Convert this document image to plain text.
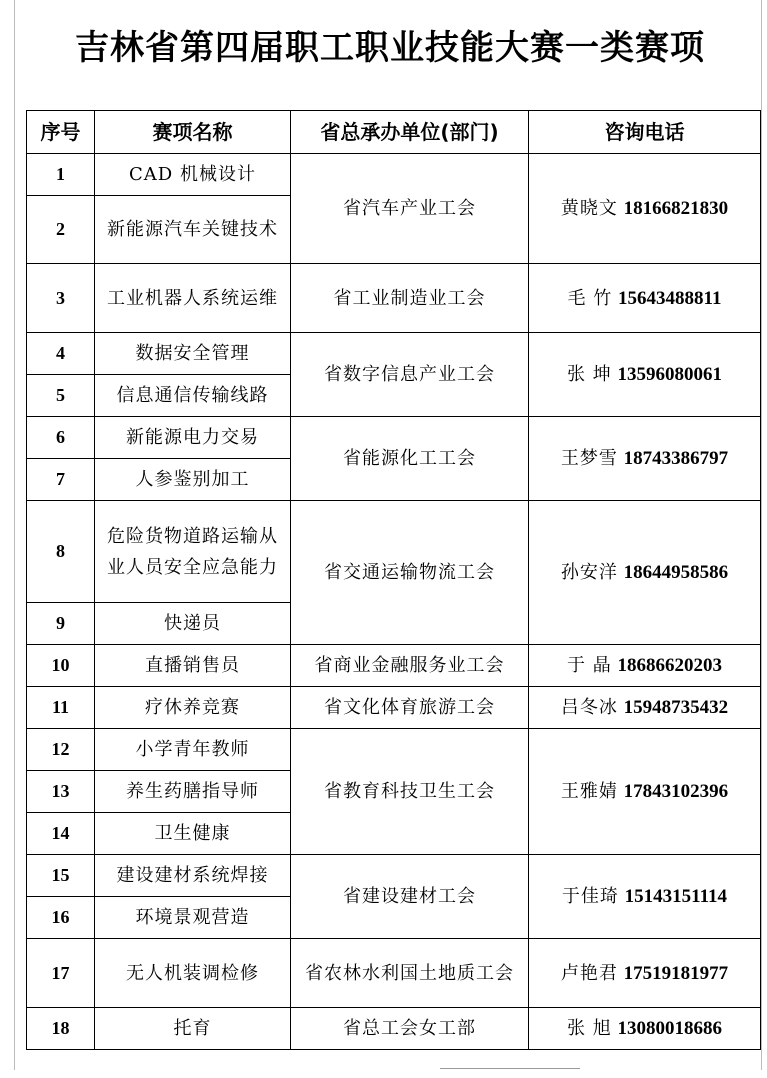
吉林省第四届职工职业技能大赛一类赛项
序号	赛项名称	省总承办单位(部门)	咨询电话
1	CAD 机械设计	省汽车产业工会	黄晓文 18166821830
2	新能源汽车关键技术		
3	工业机器人系统运维	省工业制造业工会	毛 竹 15643488811
4	数据安全管理	省数字信息产业工会	张 坤 13596080061
5	信息通信传输线路		
6	新能源电力交易	省能源化工工会	王梦雪 18743386797
7	人参鉴别加工		
8	危险货物道路运输从业人员安全应急能力	省交通运输物流工会	孙安洋 18644958586
9	快递员		
10	直播销售员	省商业金融服务业工会	于 晶 18686620203
11	疗休养竞赛	省文化体育旅游工会	吕冬冰 15948735432
12	小学青年教师	省教育科技卫生工会	王雅婧 17843102396
13	养生药膳指导师		
14	卫生健康		
15	建设建材系统焊接	省建设建材工会	于佳琦 15143151114
16	环境景观营造		
17	无人机装调检修	省农林水利国土地质工会	卢艳君 17519181977
18	托育	省总工会女工部	张 旭 13080018686
